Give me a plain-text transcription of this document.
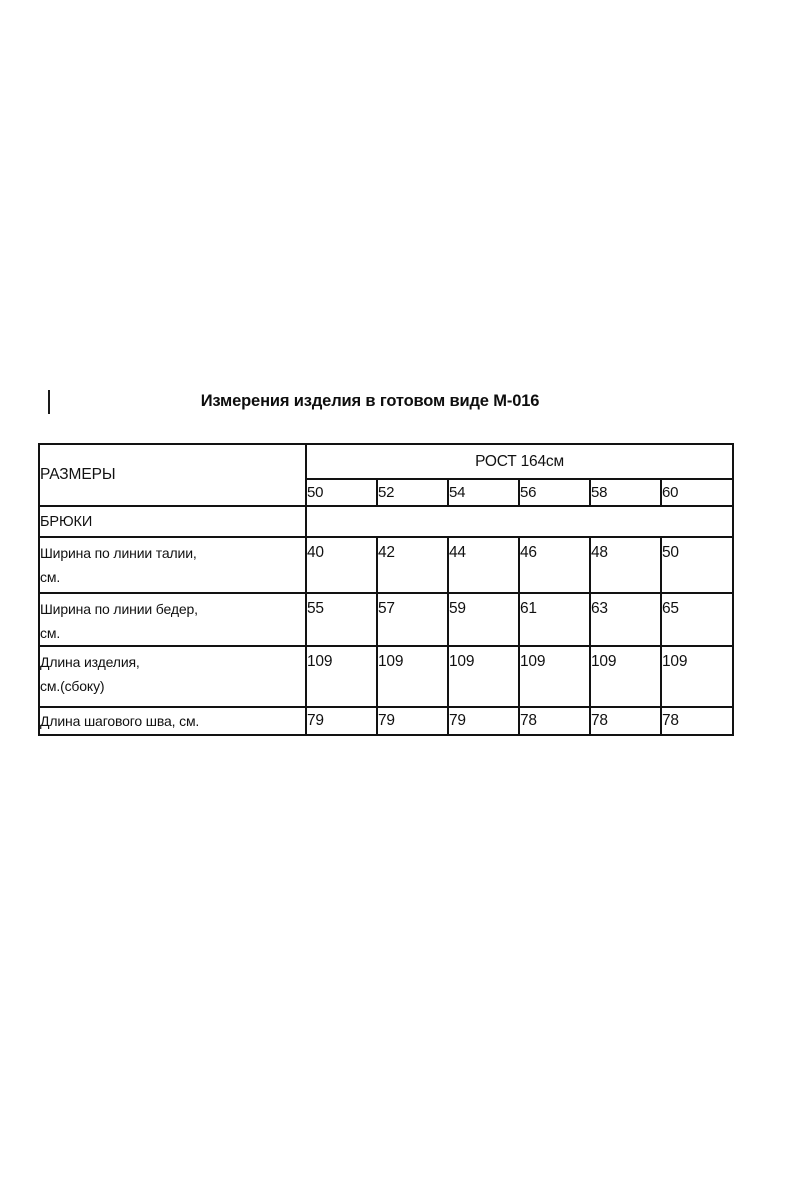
Измерения изделия в готовом виде М-016
РАЗМЕРЫ	РОСТ 164см					
	50	52	54	56	58	60
БРЮКИ						
Ширина по линии талии,
см.	40	42	44	46	48	50
Ширина по линии бедер,
см.	55	57	59	61	63	65
Длина изделия,
см.(сбоку)	109	109	109	109	109	109
Длина шагового шва, см.	79	79	79	78	78	78
